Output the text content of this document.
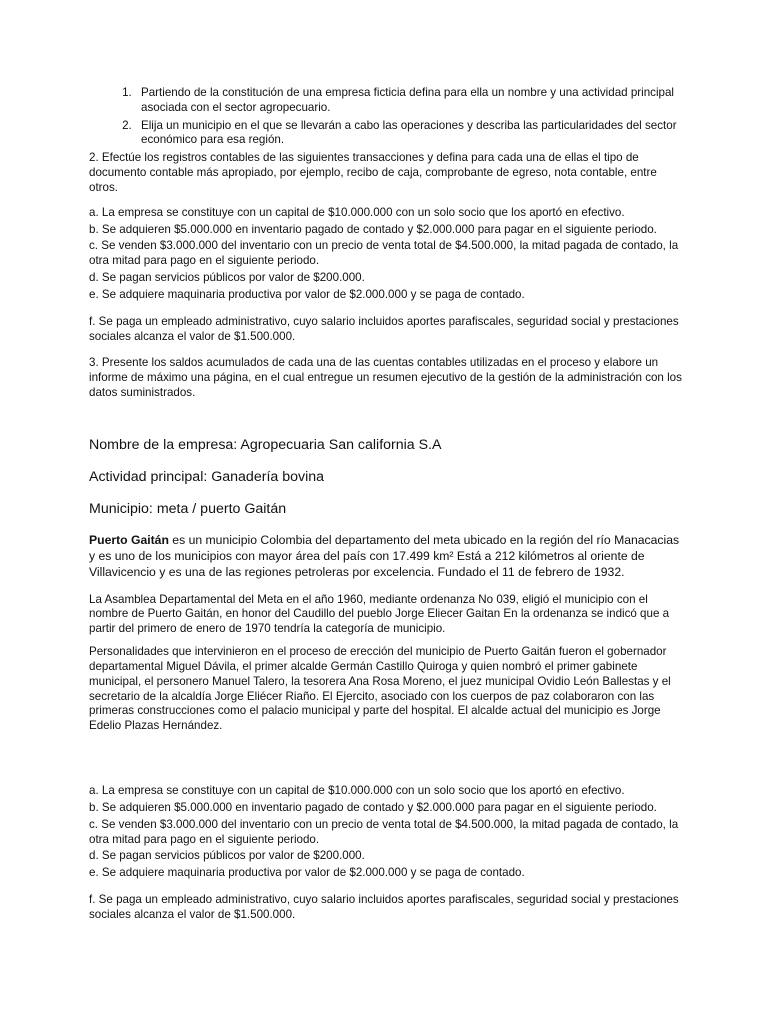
1. Partiendo de la constitución de una empresa ficticia defina para ella un nombre y una actividad principal asociada con el sector agropecuario.
2. Elija un municipio en el que se llevarán a cabo las operaciones y describa las particularidades del sector económico para esa región.

2. Efectúe los registros contables de las siguientes transacciones y defina para cada una de ellas el tipo de documento contable más apropiado, por ejemplo, recibo de caja, comprobante de egreso, nota contable, entre otros.

a. La empresa se constituye con un capital de $10.000.000 con un solo socio que los aportó en efectivo.

b. Se adquieren $5.000.000 en inventario pagado de contado y $2.000.000 para pagar en el siguiente periodo.

c. Se venden $3.000.000 del inventario con un precio de venta total de $4.500.000, la mitad pagada de contado, la otra mitad para pago en el siguiente periodo.

d. Se pagan servicios públicos por valor de $200.000.

e. Se adquiere maquinaria productiva por valor de $2.000.000 y se paga de contado.

f. Se paga un empleado administrativo, cuyo salario incluidos aportes parafiscales, seguridad social y prestaciones sociales alcanza el valor de $1.500.000.

3. Presente los saldos acumulados de cada una de las cuentas contables utilizadas en el proceso y elabore un informe de máximo una página, en el cual entregue un resumen ejecutivo de la gestión de la administración con los datos suministrados.

Nombre de la empresa: Agropecuaria San california S.A

Actividad principal: Ganadería bovina

Municipio: meta / puerto Gaitán

Puerto Gaitán es un municipio Colombia del departamento del meta ubicado en la región del río Manacacias y es uno de los municipios con mayor área del país con 17.499 km² Está a 212 kilómetros al oriente de Villavicencio y es una de las regiones petroleras por excelencia. Fundado el 11 de febrero de 1932.

La Asamblea Departamental del Meta en el año 1960, mediante ordenanza No 039, eligió el municipio con el nombre de Puerto Gaitán, en honor del Caudillo del pueblo Jorge Eliecer Gaitan En la ordenanza se indicó que a partir del primero de enero de 1970 tendría la categoría de municipio.

Personalidades que intervinieron en el proceso de erección del municipio de Puerto Gaitán fueron el gobernador departamental Miguel Dávila, el primer alcalde Germán Castillo Quiroga y quien nombró el primer gabinete municipal, el personero Manuel Talero, la tesorera Ana Rosa Moreno, el juez municipal Ovidio León Ballestas y el secretario de la alcaldía Jorge Eliécer Riaño. El Ejercito, asociado con los cuerpos de paz colaboraron con las primeras construcciones como el palacio municipal y parte del hospital. El alcalde actual del municipio es Jorge Edelio Plazas Hernández.

a. La empresa se constituye con un capital de $10.000.000 con un solo socio que los aportó en efectivo.

b. Se adquieren $5.000.000 en inventario pagado de contado y $2.000.000 para pagar en el siguiente periodo.

c. Se venden $3.000.000 del inventario con un precio de venta total de $4.500.000, la mitad pagada de contado, la otra mitad para pago en el siguiente periodo.

d. Se pagan servicios públicos por valor de $200.000.

e. Se adquiere maquinaria productiva por valor de $2.000.000 y se paga de contado.

f. Se paga un empleado administrativo, cuyo salario incluidos aportes parafiscales, seguridad social y prestaciones sociales alcanza el valor de $1.500.000.
